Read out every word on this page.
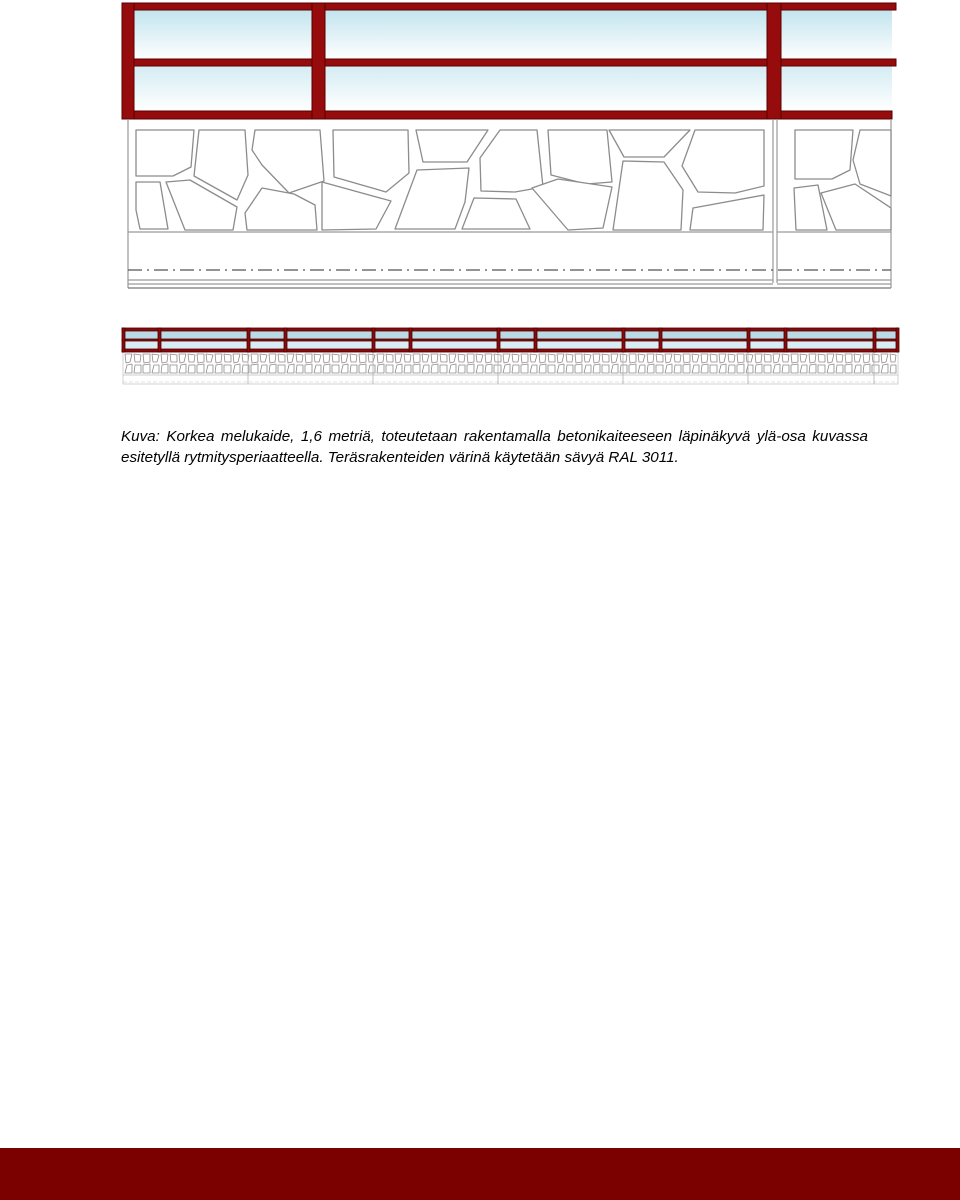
Kuva: Korkea melukaide, 1,6 metriä, toteutetaan rakentamalla betonikaiteeseen läpinäkyvä ylä-osa kuvassa esitetyllä rytmitysperiaatteella. Teräsrakenteiden värinä käytetään sävyä RAL 3011.
